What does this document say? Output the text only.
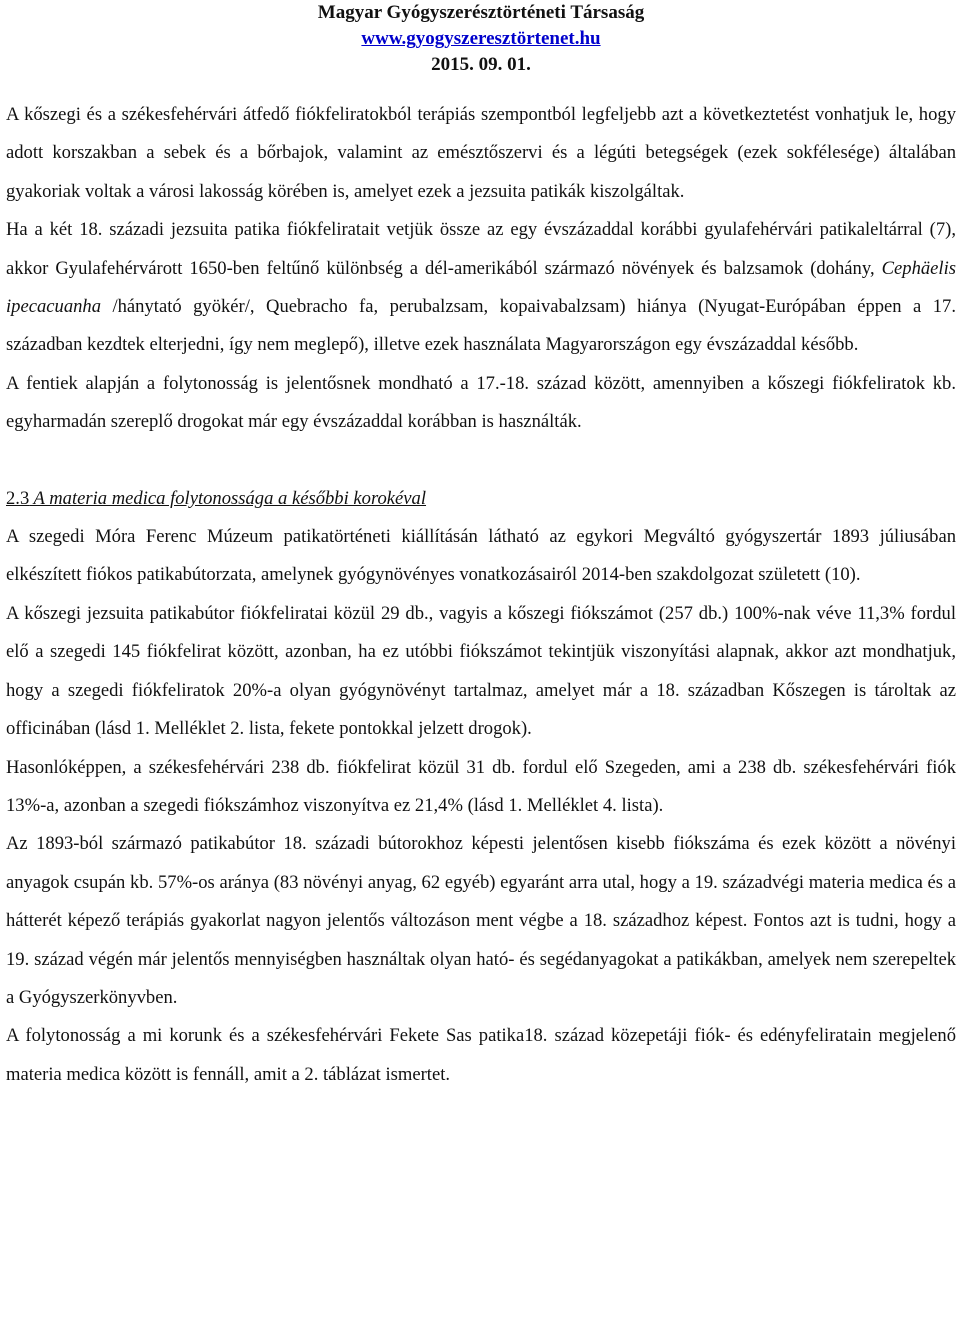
Magyar Gyógyszerésztörténeti Társaság
www.gyogyszeresztörtenet.hu
2015. 09. 01.

A kőszegi és a székesfehérvári átfedő fiókfeliratokból terápiás szempontból legfeljebb azt a következtetést vonhatjuk le, hogy adott korszakban a sebek és a bőrbajok, valamint az emésztőszervi és a légúti betegségek (ezek sokfélesége) általában gyakoriak voltak a városi lakosság körében is, amelyet ezek a jezsuita patikák kiszolgáltak.

Ha a két 18. századi jezsuita patika fiókfeliratait vetjük össze az egy évszázaddal korábbi gyulafehérvári patikaleltárral (7), akkor Gyulafehérvárott 1650-ben feltűnő különbség a dél-amerikából származó növények és balzsamok (dohány, Cephäelis ipecacuanha /hánytató gyökér/, Quebracho fa, perubalzsam, kopaivabalzsam) hiánya (Nyugat-Európában éppen a 17. században kezdtek elterjedni, így nem meglepő), illetve ezek használata Magyarországon egy évszázaddal később.

A fentiek alapján a folytonosság is jelentősnek mondható a 17.-18. század között, amennyiben a kőszegi fiókfeliratok kb. egyharmadán szereplő drogokat már egy évszázaddal korábban is használták.

2.3 A materia medica folytonossága a későbbi korokéval

A szegedi Móra Ferenc Múzeum patikatörténeti kiállításán látható az egykori Megváltó gyógyszertár 1893 júliusában elkészített fiókos patikabútorzata, amelynek gyógynövényes vonatkozásairól 2014-ben szakdolgozat született (10).

A kőszegi jezsuita patikabútor fiókfeliratai közül 29 db., vagyis a kőszegi fiókszámot (257 db.) 100%-nak véve 11,3% fordul elő a szegedi 145 fiókfelirat között, azonban, ha ez utóbbi fiókszámot tekintjük viszonyítási alapnak, akkor azt mondhatjuk, hogy a szegedi fiókfeliratok 20%-a olyan gyógynövényt tartalmaz, amelyet már a 18. században Kőszegen is tároltak az officinában (lásd 1. Melléklet 2. lista, fekete pontokkal jelzett drogok).

Hasonlóképpen, a székesfehérvári 238 db. fiókfelirat közül 31 db. fordul elő Szegeden, ami a 238 db. székesfehérvári fiók 13%-a, azonban a szegedi fiókszámhoz viszonyítva ez 21,4% (lásd 1. Melléklet 4. lista).

Az 1893-ból származó patikabútor 18. századi bútorokhoz képesti jelentősen kisebb fiókszáma és ezek között a növényi anyagok csupán kb. 57%-os aránya (83 növényi anyag, 62 egyéb) egyaránt arra utal, hogy a 19. századvégi materia medica és a hátterét képező terápiás gyakorlat nagyon jelentős változáson ment végbe a 18. századhoz képest. Fontos azt is tudni, hogy a 19. század végén már jelentős mennyiségben használtak olyan ható- és segédanyagokat a patikákban, amelyek nem szerepeltek a Gyógyszerkönyvben.

A folytonosság a mi korunk és a székesfehérvári Fekete Sas patika18. század közepetáji fiók- és edényfeliratain megjelenő materia medica között is fennáll, amit a 2. táblázat ismertet.
